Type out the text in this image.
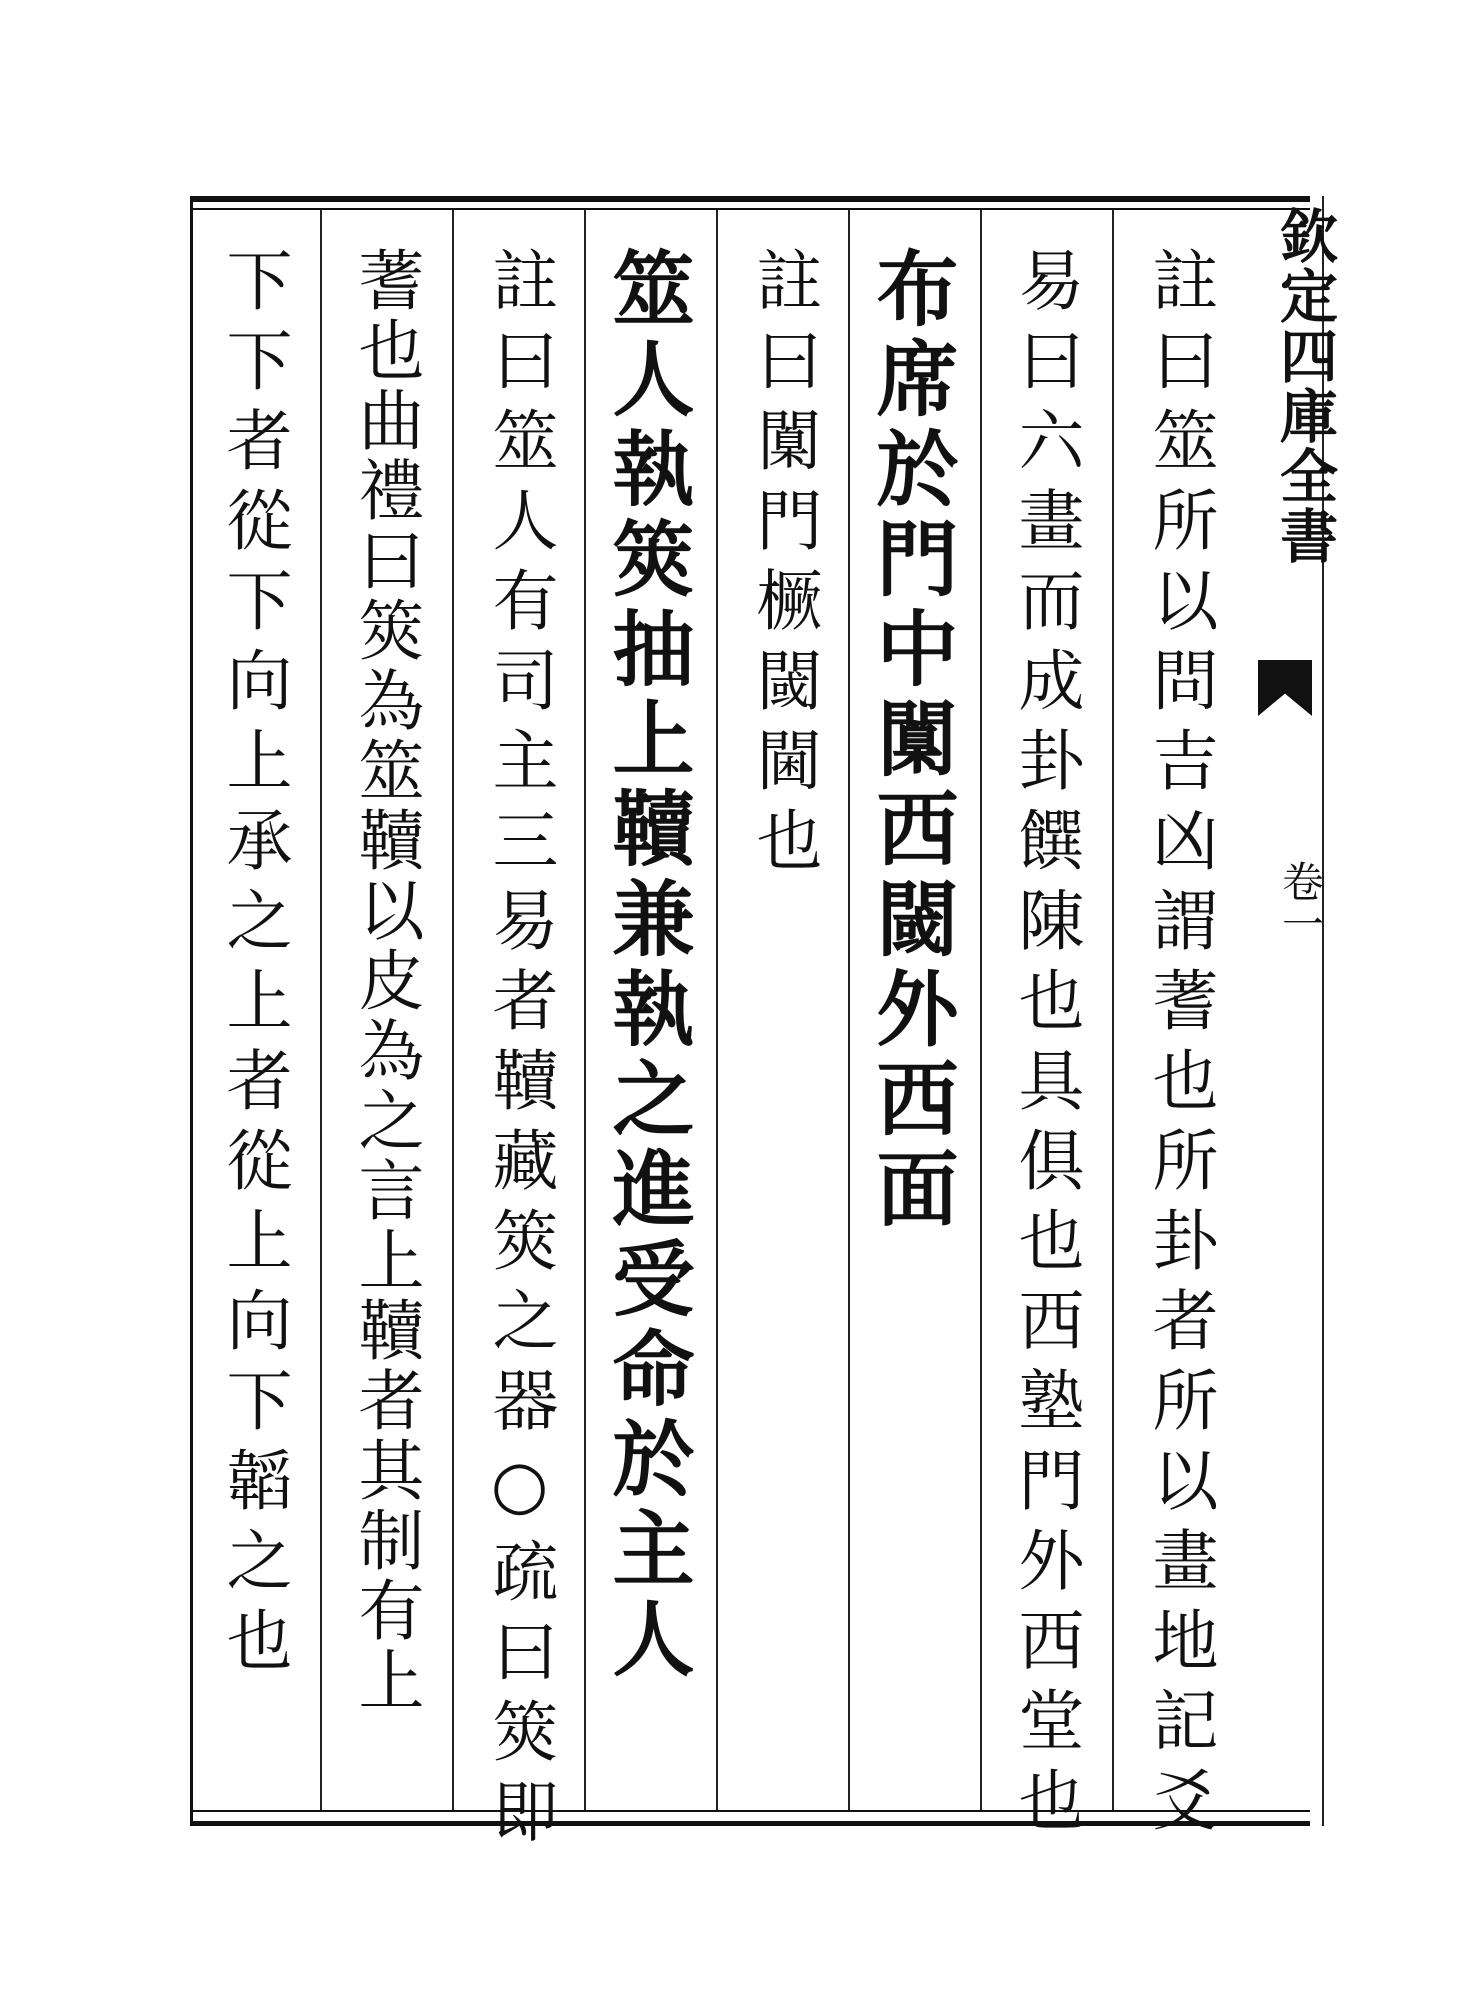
註曰筮所以問吉凶謂蓍也所卦者所以畫地記爻
易曰六畫而成卦饌陳也具俱也西塾門外西堂也
布席於門中闑西閾外西面
註曰闑門橛閾閫也
筮人執筴抽上韇兼執之進受命於主人
註曰筮人有司主三易者韇藏筴之器○疏曰筴即
蓍也曲禮曰筴為筮韇以皮為之言上韇者其制有上
下下者從下向上承之上者從上向下韜之也	欽定四庫全書
卷一
